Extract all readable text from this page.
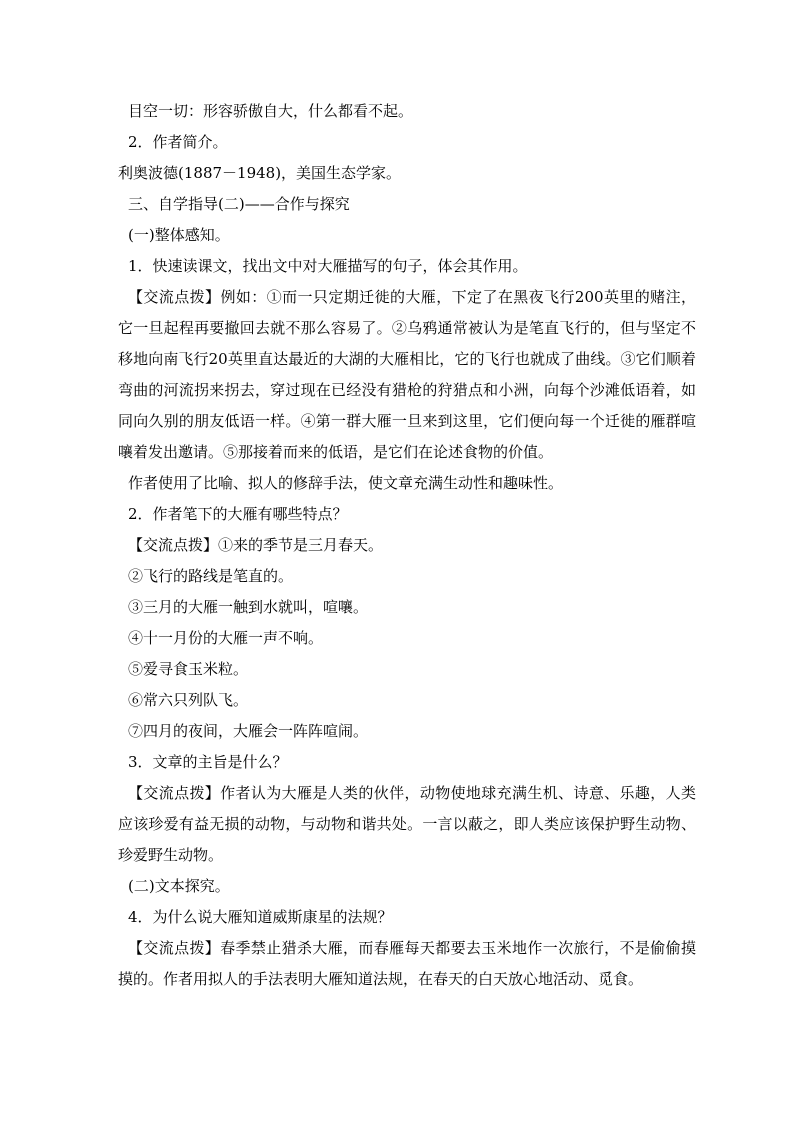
目空一切：形容骄傲自大，什么都看不起。

2．作者简介。

利奥波德(1887－1948)，美国生态学家。

三、自学指导(二)——合作与探究

(一)整体感知。

1．快速读课文，找出文中对大雁描写的句子，体会其作用。

【交流点拨】例如：①而一只定期迁徙的大雁，下定了在黑夜飞行200英里的赌注，它一旦起程再要撤回去就不那么容易了。②乌鸦通常被认为是笔直飞行的，但与坚定不移地向南飞行20英里直达最近的大湖的大雁相比，它的飞行也就成了曲线。③它们顺着弯曲的河流拐来拐去，穿过现在已经没有猎枪的狩猎点和小洲，向每个沙滩低语着，如同向久别的朋友低语一样。④第一群大雁一旦来到这里，它们便向每一个迁徙的雁群喧嚷着发出邀请。⑤那接着而来的低语，是它们在论述食物的价值。

作者使用了比喻、拟人的修辞手法，使文章充满生动性和趣味性。

2．作者笔下的大雁有哪些特点？

【交流点拨】①来的季节是三月春天。

②飞行的路线是笔直的。

③三月的大雁一触到水就叫，喧嚷。

④十一月份的大雁一声不响。

⑤爱寻食玉米粒。

⑥常六只列队飞。

⑦四月的夜间，大雁会一阵阵喧闹。

3．文章的主旨是什么？

【交流点拨】作者认为大雁是人类的伙伴，动物使地球充满生机、诗意、乐趣，人类应该珍爱有益无损的动物，与动物和谐共处。一言以蔽之，即人类应该保护野生动物、珍爱野生动物。

(二)文本探究。

4．为什么说大雁知道威斯康星的法规？

【交流点拨】春季禁止猎杀大雁，而春雁每天都要去玉米地作一次旅行，不是偷偷摸摸的。作者用拟人的手法表明大雁知道法规，在春天的白天放心地活动、觅食。
